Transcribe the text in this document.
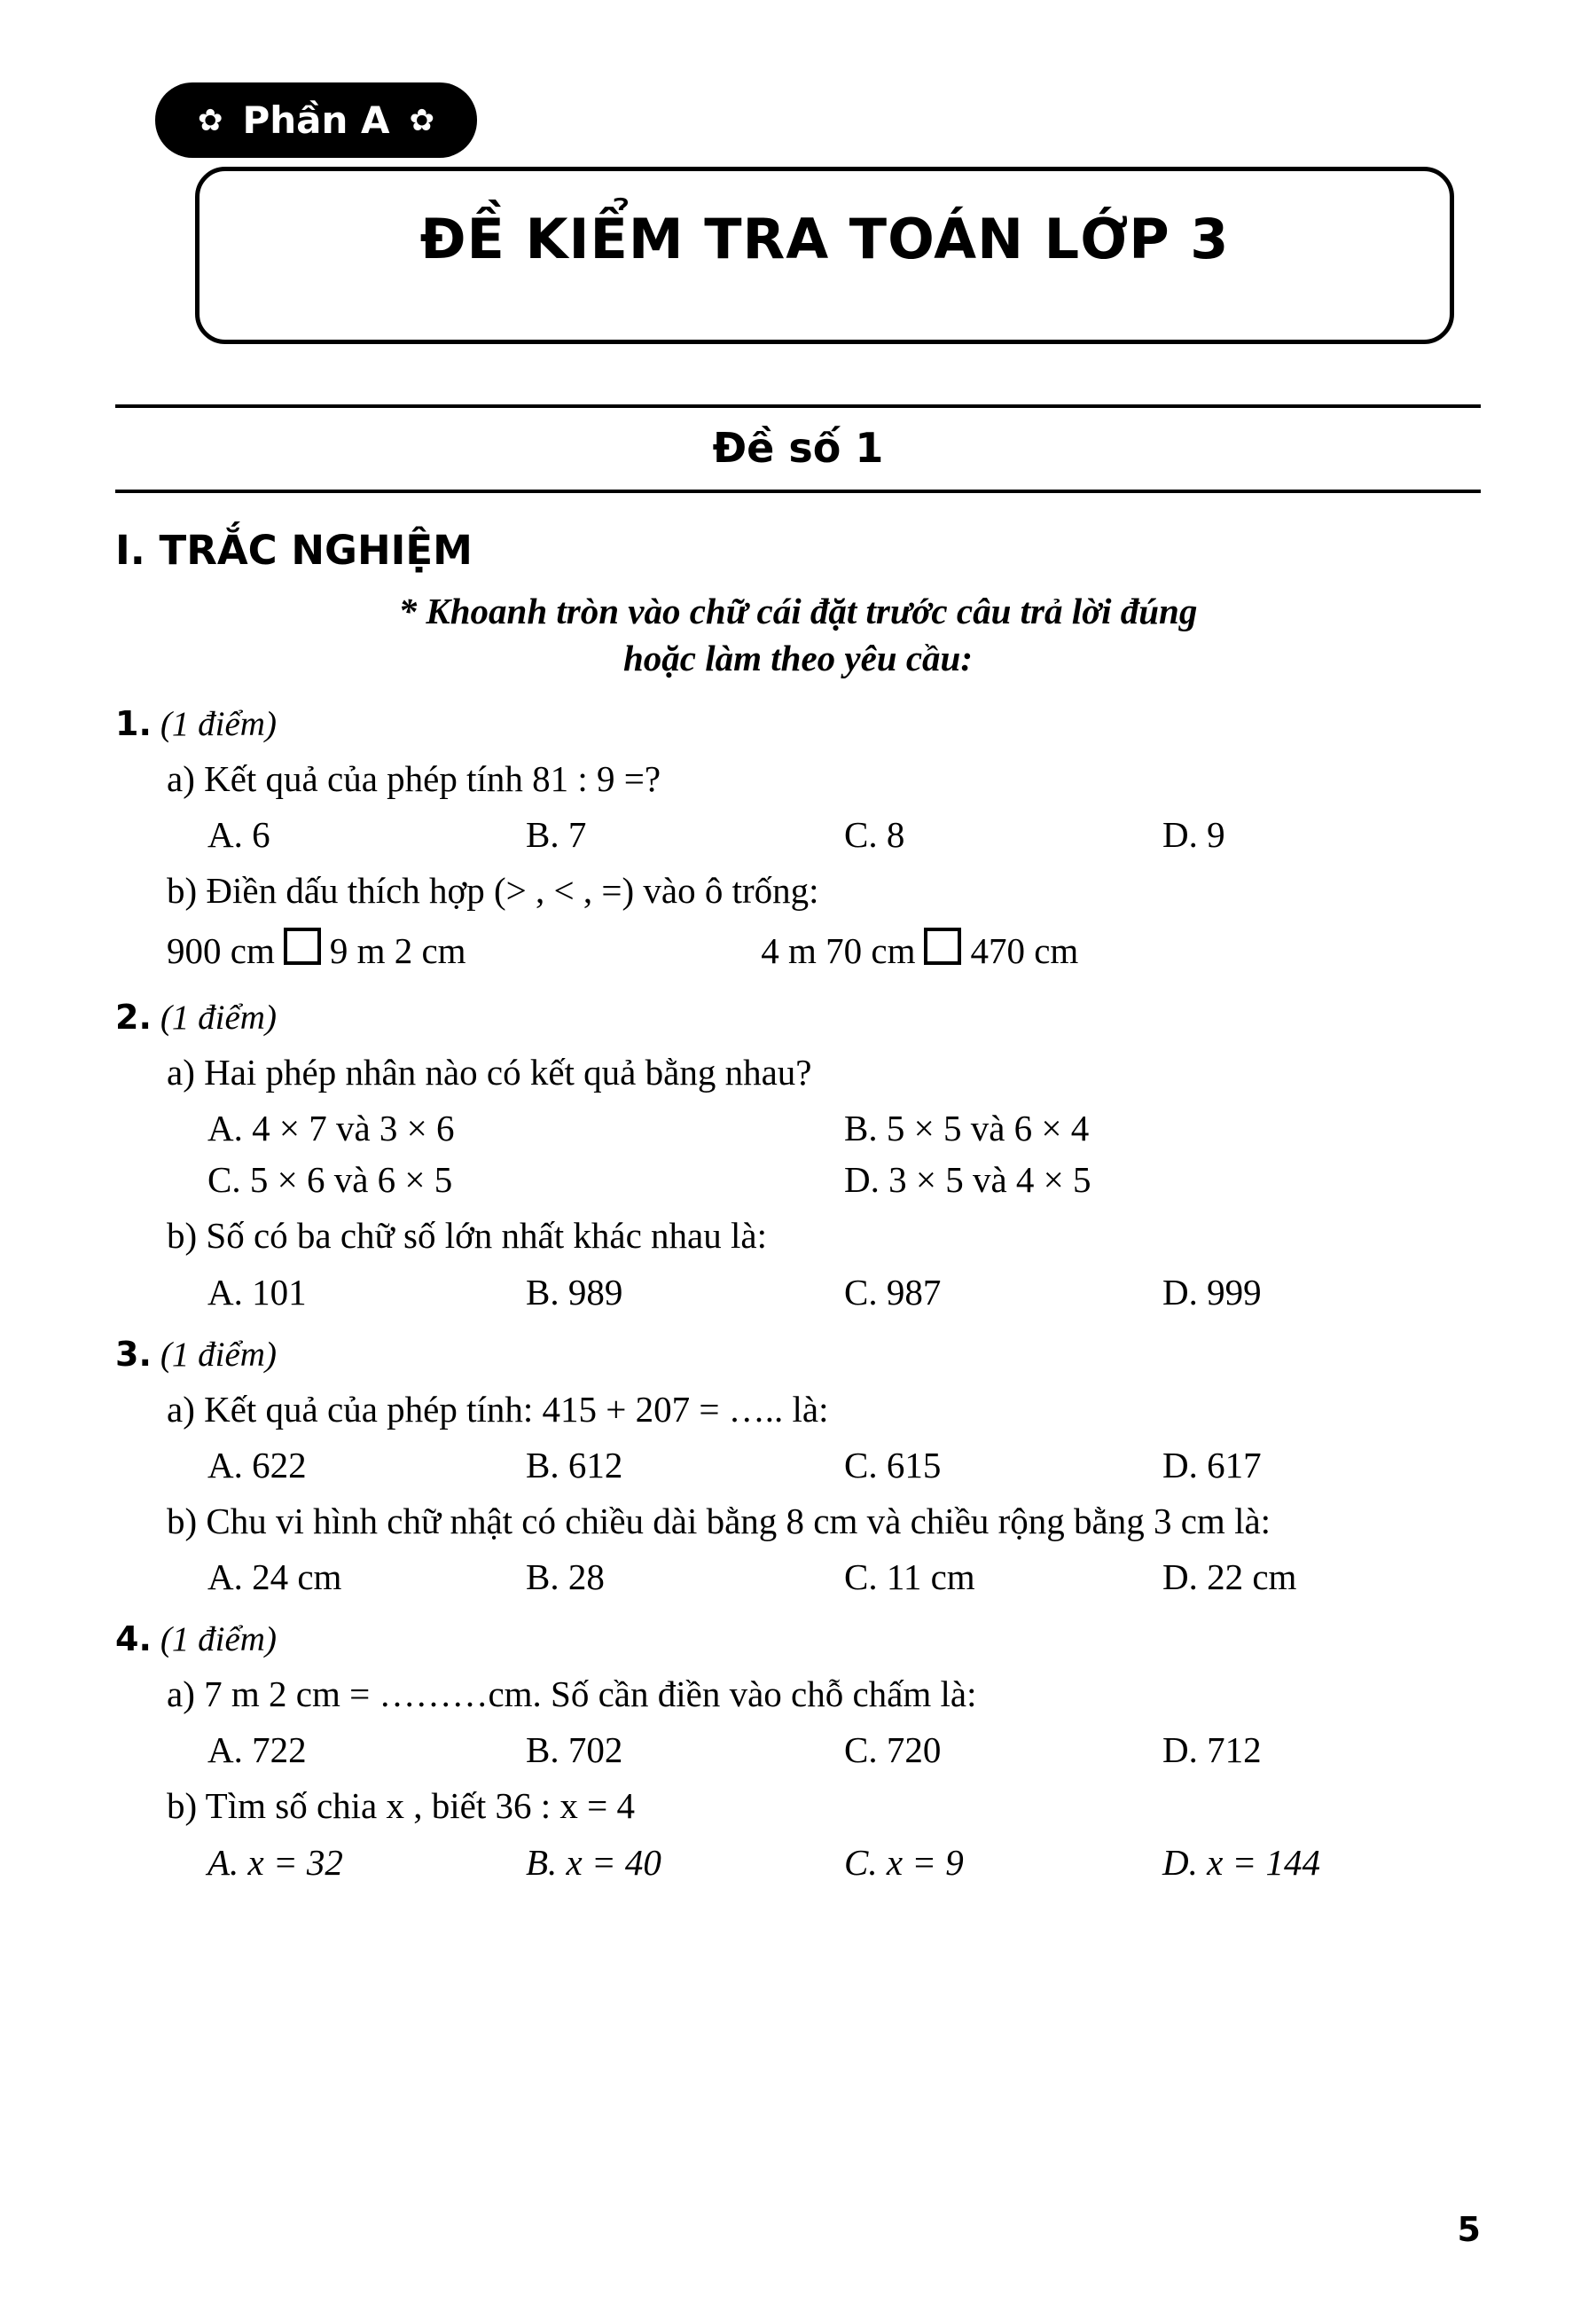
ĐỀ KIỂM TRA TOÁN LỚP 3
✿ Phần A ✿
Đề số 1
I. TRẮC NGHIỆM
* Khoanh tròn vào chữ cái đặt trước câu trả lời đúng
hoặc làm theo yêu cầu:
1. (1 điểm)
a) Kết quả của phép tính 81 : 9 =?
A. 6	B. 7	C. 8	D. 9
b) Điền dấu thích hợp (> , < , =) vào ô trống:
900 cm 9 m 2 cm	4 m 70 cm 470 cm
2. (1 điểm)
a) Hai phép nhân nào có kết quả bằng nhau?
A. 4 × 7 và 3 × 6	B. 5 × 5 và 6 × 4
C. 5 × 6 và 6 × 5	D. 3 × 5 và 4 × 5
b) Số có ba chữ số lớn nhất khác nhau là:
A. 101	B. 989	C. 987	D. 999
3. (1 điểm)
a) Kết quả của phép tính: 415 + 207 = ….. là:
A. 622	B. 612	C. 615	D. 617
b) Chu vi hình chữ nhật có chiều dài bằng 8 cm và chiều rộng bằng 3 cm là:
A. 24 cm	B. 28	C. 11 cm	D. 22 cm
4. (1 điểm)
a) 7 m 2 cm = ………cm. Số cần điền vào chỗ chấm là:
A. 722	B. 702	C. 720	D. 712
b) Tìm số chia x , biết 36 : x = 4
A. x = 32	B. x = 40	C. x = 9	D. x = 144
5
